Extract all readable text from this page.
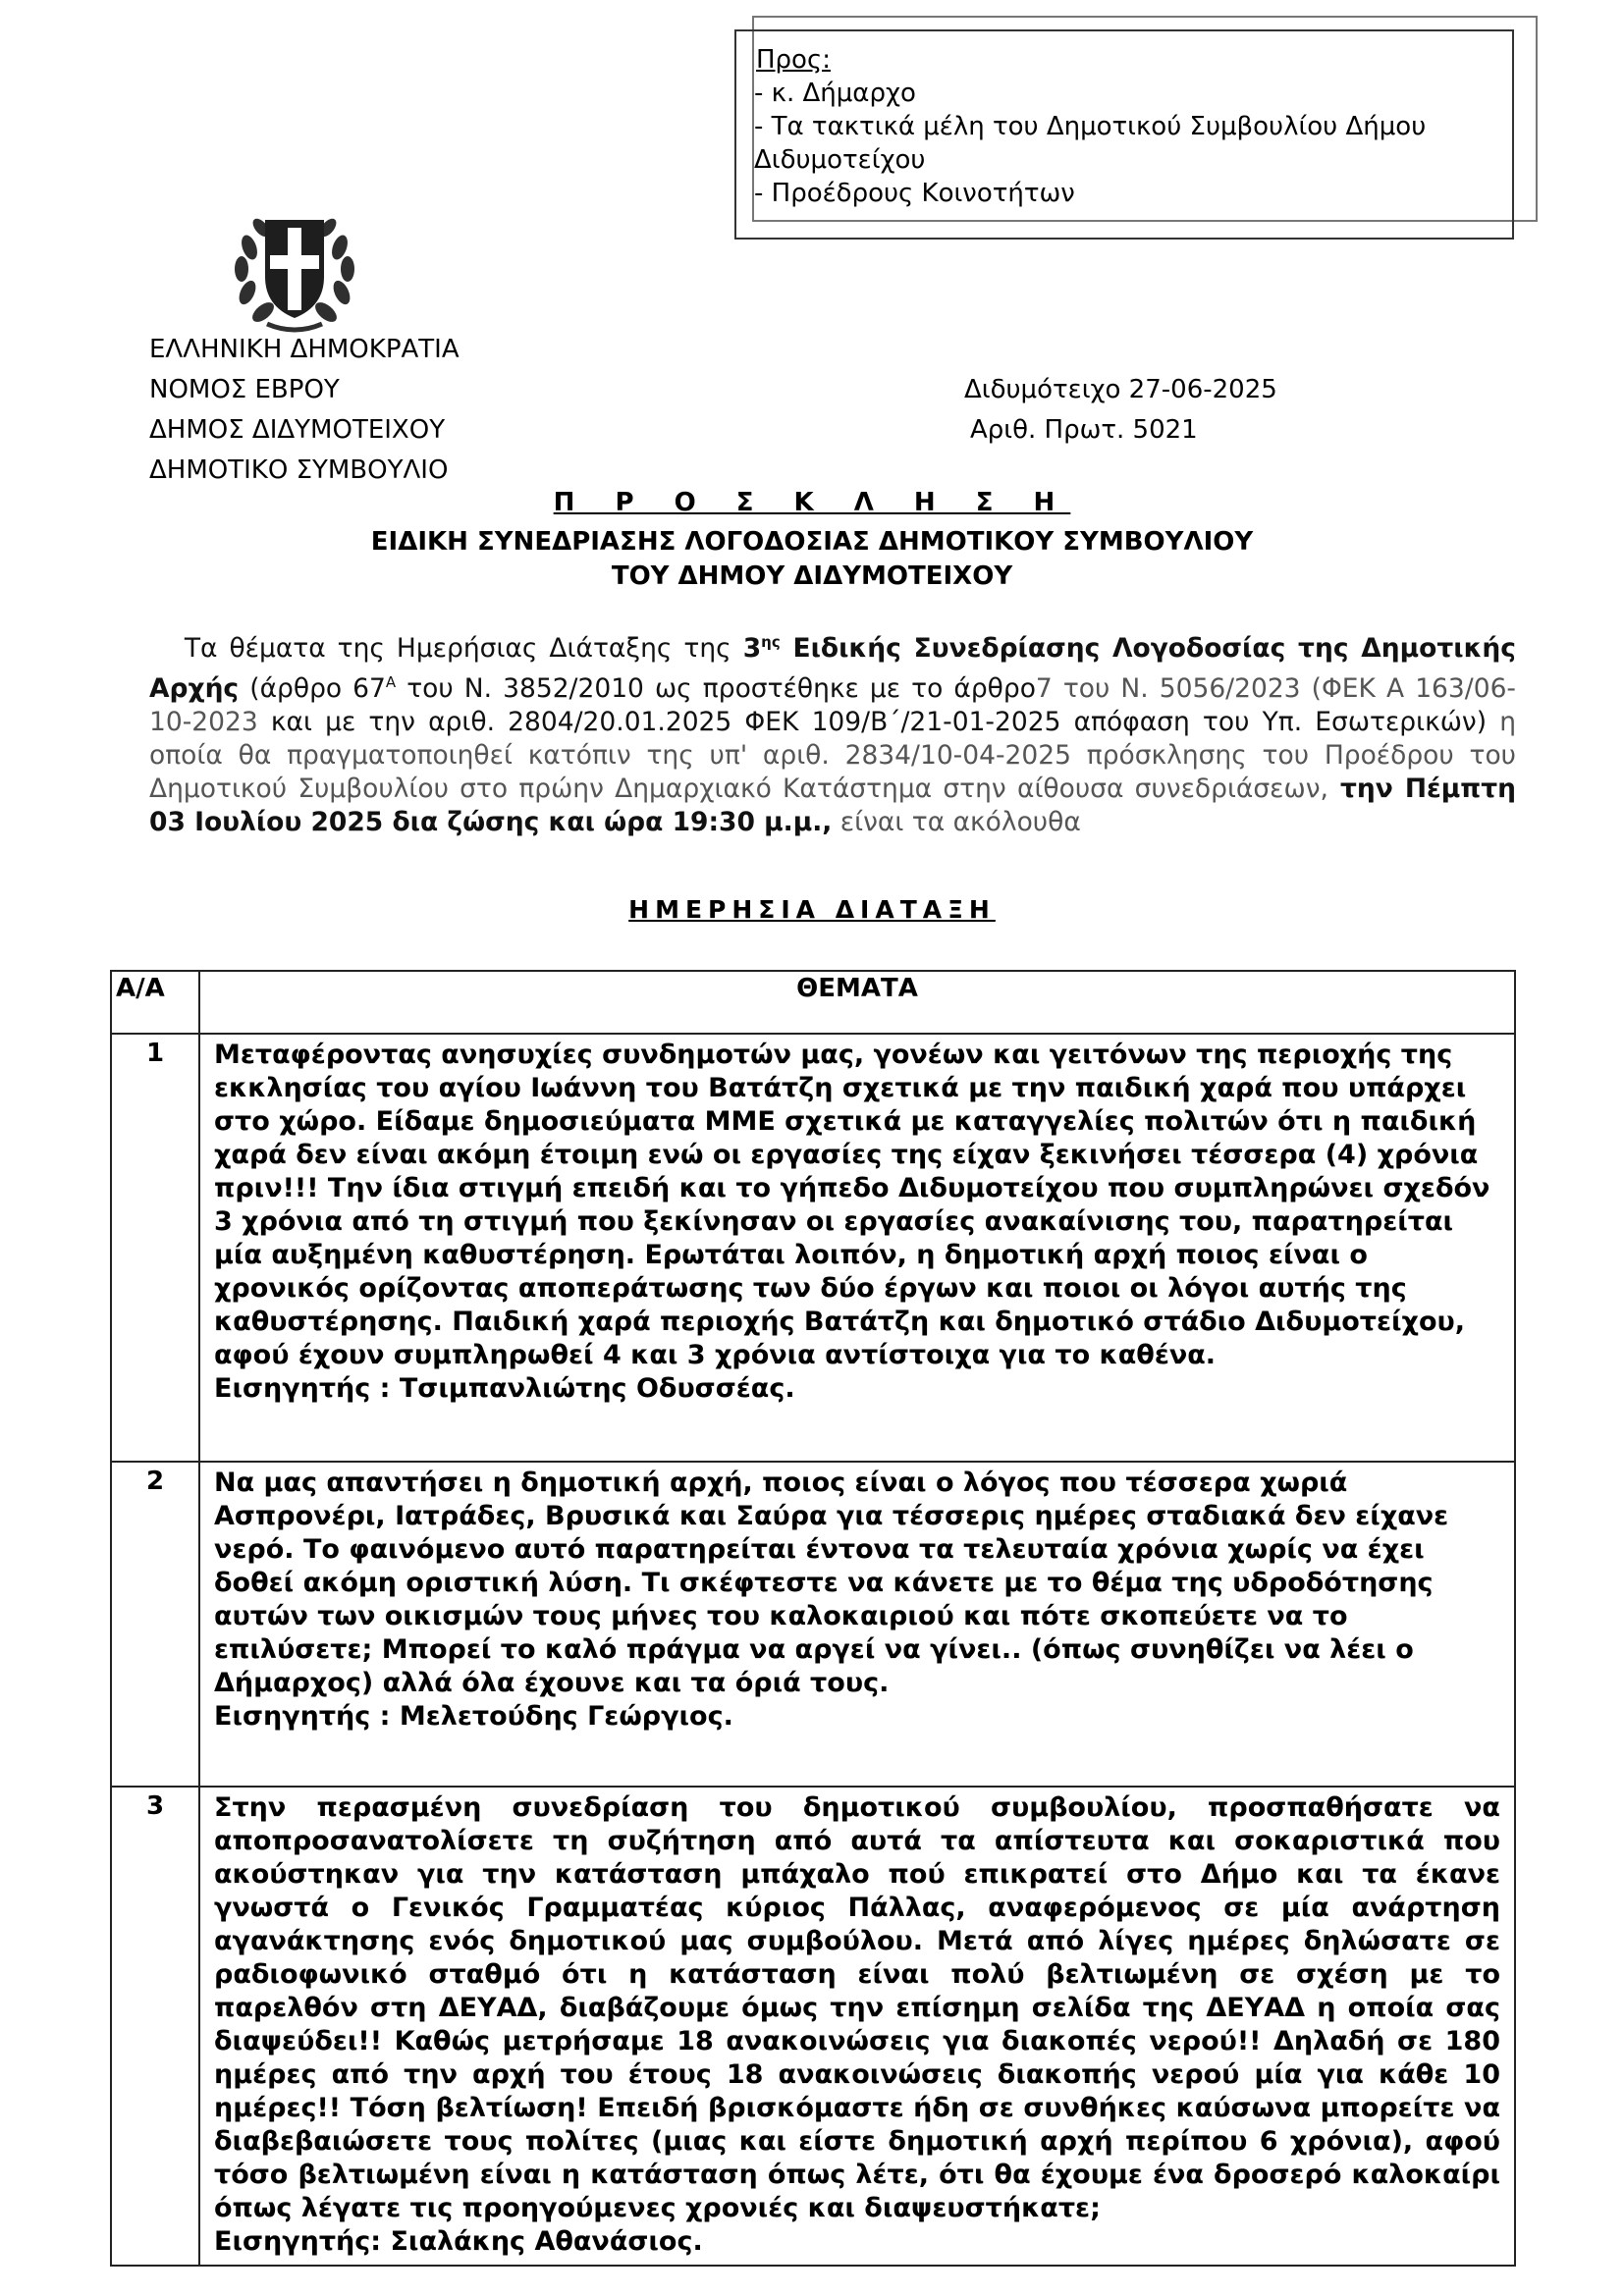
Προς:
- κ. Δήμαρχο
- Τα τακτικά μέλη του Δημοτικού Συμβουλίου Δήμου
Διδυμοτείχου
- Προέδρους Κοινοτήτων
ΕΛΛΗΝΙΚΗ ΔΗΜΟΚΡΑΤΙΑ
ΝΟΜΟΣ ΕΒΡΟΥ
ΔΗΜΟΣ ΔΙΔΥΜΟΤΕΙΧΟΥ
ΔΗΜΟΤΙΚΟ ΣΥΜΒΟΥΛΙΟ
Διδυμότειχο 27-06-2025
Αριθ. Πρωτ. 5021
Π Ρ Ο Σ Κ Λ Η Σ Η
ΕΙΔΙΚΗ ΣΥΝΕΔΡΙΑΣΗΣ ΛΟΓΟΔΟΣΙΑΣ ΔΗΜΟΤΙΚΟΥ ΣΥΜΒΟΥΛΙΟΥ
ΤΟΥ ΔΗΜΟΥ ΔΙΔΥΜΟΤΕΙΧΟΥ
Τα θέματα της Ημερήσιας Διάταξης της $3^{\eta\varsigma}$ Ειδικής Συνεδρίασης Λογοδοσίας της Δημοτικής Αρχής (άρθρο $67^A$ του Ν. 3852/2010 ως προστέθηκε με το άρθρο7 του Ν. 5056/2023 (ΦΕΚ Α 163/06-10-2023 και με την αριθ. 2804/20.01.2025 ΦΕΚ 109/Β΄/21-01-2025 απόφαση του Υπ. Εσωτερικών) η οποία θα πραγματοποιηθεί κατόπιν της υπ' αριθ. 2834/10-04-2025 πρόσκλησης του Προέδρου του Δημοτικού Συμβουλίου στο πρώην Δημαρχιακό Κατάστημα στην αίθουσα συνεδριάσεων, την Πέμπτη 03 Ιουλίου 2025 δια ζώσης και ώρα 19:30 μ.μ., είναι τα ακόλουθα
ΗΜΕΡΗΣΙΑ ΔΙΑΤΑΞΗ
Α/Α	ΘΕΜΑΤΑ
1	Μεταφέροντας ανησυχίες συνδημοτών μας, γονέων και γειτόνων της περιοχής της εκκλησίας του αγίου Ιωάννη του Βατάτζη σχετικά με την παιδική χαρά που υπάρχει στο χώρο. Είδαμε δημοσιεύματα ΜΜΕ σχετικά με καταγγελίες πολιτών ότι η παιδική χαρά δεν είναι ακόμη έτοιμη ενώ οι εργασίες της είχαν ξεκινήσει τέσσερα (4) χρόνια πριν!!! Την ίδια στιγμή επειδή και το γήπεδο Διδυμοτείχου που συμπληρώνει σχεδόν 3 χρόνια από τη στιγμή που ξεκίνησαν οι εργασίες ανακαίνισης του, παρατηρείται μία αυξημένη καθυστέρηση. Ερωτάται λοιπόν, η δημοτική αρχή ποιος είναι ο χρονικός ορίζοντας αποπεράτωσης των δύο έργων και ποιοι οι λόγοι αυτής της καθυστέρησης. Παιδική χαρά περιοχής Βατάτζη και δημοτικό στάδιο Διδυμοτείχου, αφού έχουν συμπληρωθεί 4 και 3 χρόνια αντίστοιχα για το καθένα.
Εισηγητής : Τσιμπανλιώτης Οδυσσέας.

2	Να μας απαντήσει η δημοτική αρχή, ποιος είναι ο λόγος που τέσσερα χωριά Ασπρονέρι, Ιατράδες, Βρυσικά και Σαύρα για τέσσερις ημέρες σταδιακά δεν είχανε νερό. Το φαινόμενο αυτό παρατηρείται έντονα τα τελευταία χρόνια χωρίς να έχει δοθεί ακόμη οριστική λύση. Τι σκέφτεστε να κάνετε με το θέμα της υδροδότησης αυτών των οικισμών τους μήνες του καλοκαιριού και πότε σκοπεύετε να το επιλύσετε; Μπορεί το καλό πράγμα να αργεί να γίνει.. (όπως συνηθίζει να λέει ο Δήμαρχος) αλλά όλα έχουνε και τα όριά τους.
Εισηγητής : Μελετούδης Γεώργιος.

3	Στην περασμένη συνεδρίαση του δημοτικού συμβουλίου, προσπαθήσατε να αποπροσανατολίσετε τη συζήτηση από αυτά τα απίστευτα και σοκαριστικά που ακούστηκαν για την κατάσταση μπάχαλο πού επικρατεί στο Δήμο και τα έκανε γνωστά ο Γενικός Γραμματέας κύριος Πάλλας, αναφερόμενος σε μία ανάρτηση αγανάκτησης ενός δημοτικού μας συμβούλου. Μετά από λίγες ημέρες δηλώσατε σε ραδιοφωνικό σταθμό ότι η κατάσταση είναι πολύ βελτιωμένη σε σχέση με το παρελθόν στη ΔΕΥΑΔ, διαβάζουμε όμως την επίσημη σελίδα της ΔΕΥΑΔ η οποία σας διαψεύδει!! Καθώς μετρήσαμε 18 ανακοινώσεις για διακοπές νερού!! Δηλαδή σε 180 ημέρες από την αρχή του έτους 18 ανακοινώσεις διακοπής νερού μία για κάθε 10 ημέρες!! Τόση βελτίωση! Επειδή βρισκόμαστε ήδη σε συνθήκες καύσωνα μπορείτε να διαβεβαιώσετε τους πολίτες (μιας και είστε δημοτική αρχή περίπου 6 χρόνια), αφού τόσο βελτιωμένη είναι η κατάσταση όπως λέτε, ότι θα έχουμε ένα δροσερό καλοκαίρι όπως λέγατε τις προηγούμενες χρονιές και διαψευστήκατε;
Εισηγητής: Σιαλάκης Αθανάσιος.
